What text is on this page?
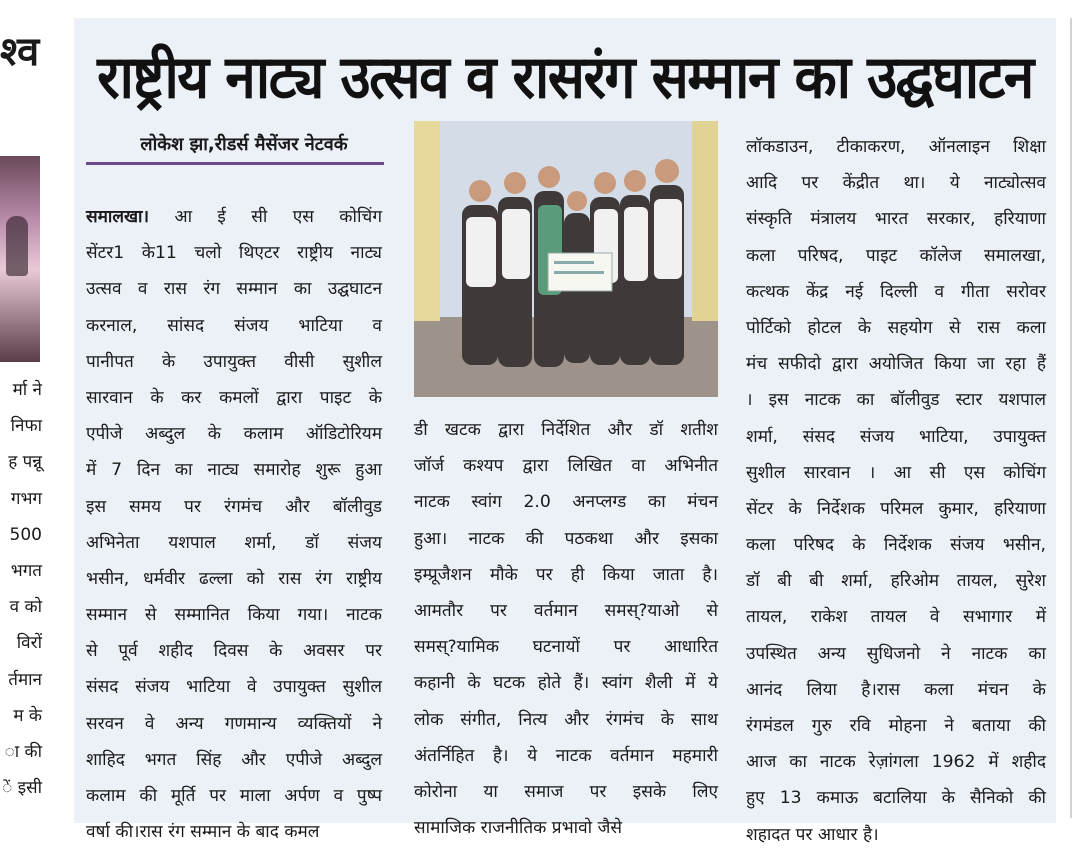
श्व
र्मा ने
निफा
ह पन्नू
गभग
500
भगत
व को
विरों
र्तमान
म के
ा की
ें इसी
राष्ट्रीय नाट्य उत्सव व रासरंग सम्मान का उद्घघाटन
लोकेश झा,रीडर्स मैसेंजर नेटवर्क
समालखा। आ ई सी एस कोचिंग
सेंटर1 के11 चलो थिएटर राष्ट्रीय नाट्य
उत्सव व रास रंग सम्मान का उद्घघाटन
करनाल, सांसद संजय भाटिया व
पानीपत के उपायुक्त वीसी सुशील
सारवान के कर कमलों द्वारा पाइट के
एपीजे अब्दुल के कलाम ऑडिटोरियम
में 7 दिन का नाट्य समारोह शुरू हुआ
इस समय पर रंगमंच और बॉलीवुड
अभिनेता यशपाल शर्मा, डॉ संजय
भसीन, धर्मवीर ढल्ला को रास रंग राष्ट्रीय
सम्मान से सम्मानित किया गया। नाटक
से पूर्व शहीद दिवस के अवसर पर
संसद संजय भाटिया वे उपायुक्त सुशील
सरवन वे अन्य गणमान्य व्यक्तियों ने
शाहिद भगत सिंह और एपीजे अब्दुल
कलाम की मूर्ति पर माला अर्पण व पुष्प
वर्षा की।रास रंग सम्मान के बाद कमल
डी खटक द्वारा निर्देशित और डॉ शतीश
जॉर्ज कश्यप द्वारा लिखित वा अभिनीत
नाटक स्वांग 2.0 अनप्लग्ड का मंचन
हुआ। नाटक की पठकथा और इसका
इम्प्रूजैशन मौके पर ही किया जाता है।
आमतौर पर वर्तमान समस्?याओ से
समस्?यामिक घटनायों पर आधारित
कहानी के घटक होते हैं। स्वांग शैली में ये
लोक संगीत, नित्य और रंगमंच के साथ
अंतर्निहित है। ये नाटक वर्तमान महमारी
कोरोना या समाज पर इसके लिए
सामाजिक राजनीतिक प्रभावो जैसे
लॉकडाउन, टीकाकरण, ऑनलाइन शिक्षा
आदि पर केंद्रीत था। ये नाट्योत्सव
संस्कृति मंत्रालय भारत सरकार, हरियाणा
कला परिषद, पाइट कॉलेज समालखा,
कत्थक केंद्र नई दिल्ली व गीता सरोवर
पोर्टिको होटल के सहयोग से रास कला
मंच सफीदो द्वारा अयोजित किया जा रहा हैं
। इस नाटक का बॉलीवुड स्टार यशपाल
शर्मा, संसद संजय भाटिया, उपायुक्त
सुशील सारवान । आ सी एस कोचिंग
सेंटर के निर्देशक परिमल कुमार, हरियाणा
कला परिषद के निर्देशक संजय भसीन,
डॉ बी बी शर्मा, हरिओम तायल, सुरेश
तायल, राकेश तायल वे सभागार में
उपस्थित अन्य सुधिजनो ने नाटक का
आनंद लिया है।रास कला मंचन के
रंगमंडल गुरु रवि मोहना ने बताया की
आज का नाटक रेज़ांगला 1962 में शहीद
हुए 13 कमाऊ बटालिया के सैनिको की
शहादत पर आधार है।
